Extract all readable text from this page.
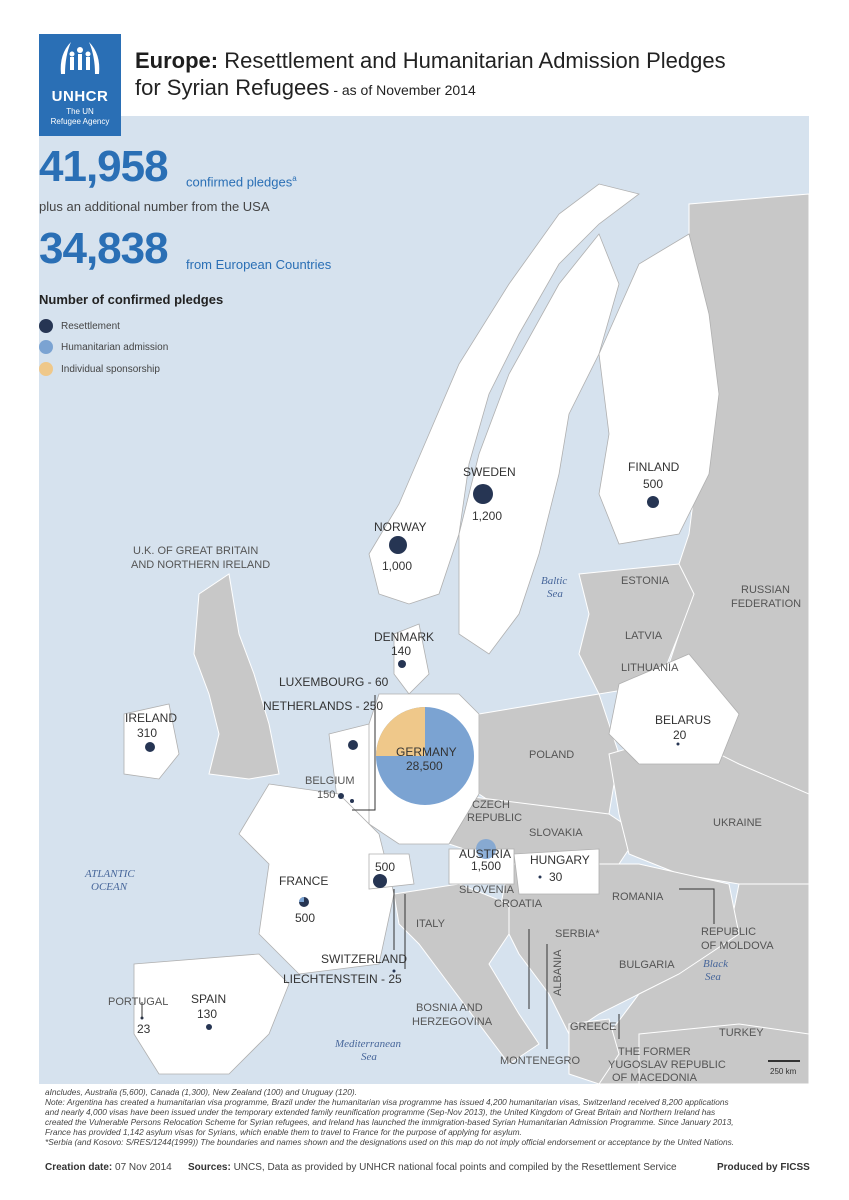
SWEDEN
1,200
FINLAND
500
NORWAY
1,000
U.K. OF GREAT BRITAIN
AND NORTHERN IRELAND
DENMARK
140
LUXEMBOURG - 60
NETHERLANDS - 250
IRELAND
310
GERMANY
28,500
BELGIUM
150
BELARUS
20
POLAND
CZECH
REPUBLIC
SLOVAKIA
UKRAINE
AUSTRIA
1,500 HUNGARY
30
500
FRANCE
500
SLOVENIA
CROATIA
ROMANIA
REPUBLIC
OF MOLDOVA
ITALY
SERBIA*
BULGARIA
SWITZERLAND
LIECHTENSTEIN - 25
PORTUGAL
23
SPAIN
130	BOSNIA AND
HERZEGOVINA
ALBANIA
GREECE	TURKEY
MONTENEGRO
THE FORMER
YUGOSLAV REPUBLIC
OF MACEDONIA
ESTONIA
LATVIA
LITHUANIA
RUSSIAN
FEDERATION
Baltic
Sea
ATLANTIC
OCEAN
Mediterranean
Sea
Black
Sea
250 km
UNHCR
The UN
Refugee Agency
Europe: Resettlement and Humanitarian Admission Pledges
for Syrian Refugees - as of November 2014
41,958 confirmed pledges$^a$
plus an additional number from the USA
34,838 from European Countries
Number of confirmed pledges
Resettlement
Humanitarian admission
Individual sponsorship
aIncludes, Australia (5,600), Canada (1,300), New Zealand (100) and Uruguay (120).
Note: Argentina has created a humanitarian visa programme, Brazil under the humanitarian visa programme has issued 4,200 humanitarian visas, Switzerland received 8,200 applications
and nearly 4,000 visas have been issued under the temporary extended family reunification programme (Sep-Nov 2013), the United Kingdom of Great Britain and Northern Ireland has
created the Vulnerable Persons Relocation Scheme for Syrian refugees, and Ireland has launched the immigration-based Syrian Humanitarian Admission Programme. Since January 2013,
France has provided 1,142 asylum visas for Syrians, which enable them to travel to France for the purpose of applying for asylum.
*Serbia (and Kosovo: S/RES/1244(1999)) The boundaries and names shown and the designations used on this map do not imply official endorsement or acceptance by the United Nations.
Creation date: 07 Nov 2014 Sources: UNCS, Data as provided by UNHCR national focal points and compiled by the Resettlement Service	Produced by FICSS
